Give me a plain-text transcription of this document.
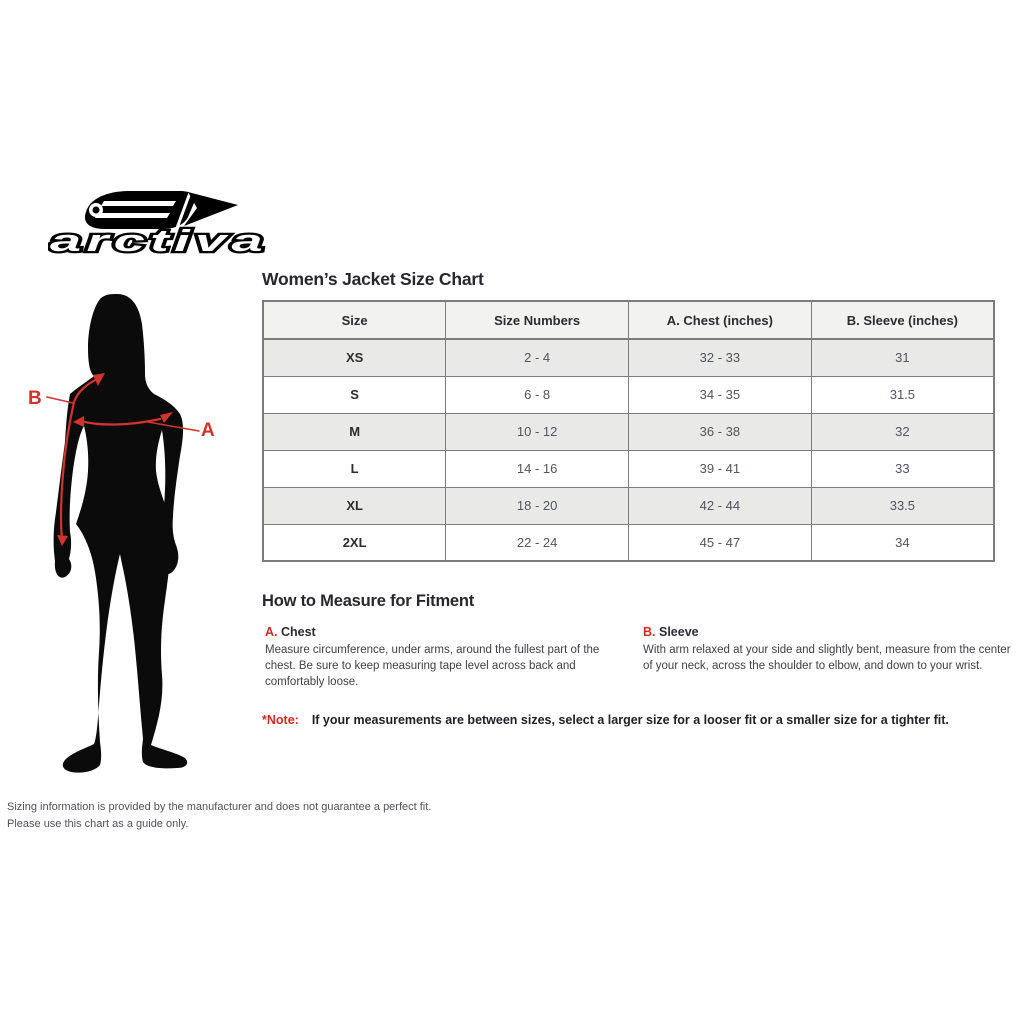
arctiva
B
A
Women’s Jacket Size Chart
Size	Size Numbers	A. Chest (inches)	B. Sleeve (inches)
XS	2 - 4	32 - 33	31
S	6 - 8	34 - 35	31.5
M	10 - 12	36 - 38	32
L	14 - 16	39 - 41	33
XL	18 - 20	42 - 44	33.5
2XL	22 - 24	45 - 47	34
How to Measure for Fitment
A. Chest

Measure circumference, under arms, around the fullest part of the chest. Be sure to keep measuring tape level across back and comfortably loose.

B. Sleeve

With arm relaxed at your side and slightly bent, measure from the center of your neck, across the shoulder to elbow, and down to your wrist.

*Note: If your measurements are between sizes, select a larger size for a looser fit or a smaller size for a tighter fit.
Sizing information is provided by the manufacturer and does not guarantee a perfect fit.
Please use this chart as a guide only.
